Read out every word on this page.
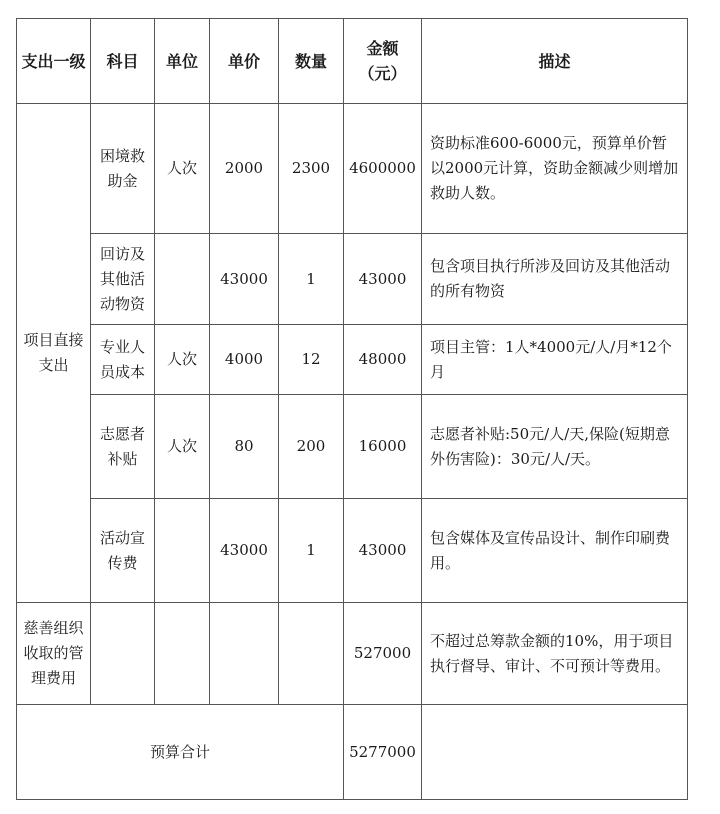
支出一级	科目	单位	单价	数量	金额（元）	描述
项目直接支出	困境救助金	人次	2000	2300	4600000	资助标准600-6000元，预算单价暂以2000元计算，资助金额减少则增加救助人数。
	回访及其他活动物资		43000	1	43000	包含项目执行所涉及回访及其他活动的所有物资
	专业人员成本	人次	4000	12	48000	项目主管：1人*4000元/人/月*12个月
	志愿者补贴	人次	80	200	16000	志愿者补贴:50元/人/天,保险(短期意外伤害险)：30元/人/天。
	活动宣传费		43000	1	43000	包含媒体及宣传品设计、制作印刷费用。
慈善组织收取的管理费用					527000	不超过总筹款金额的10%，用于项目执行督导、审计、不可预计等费用。
预算合计					5277000	
